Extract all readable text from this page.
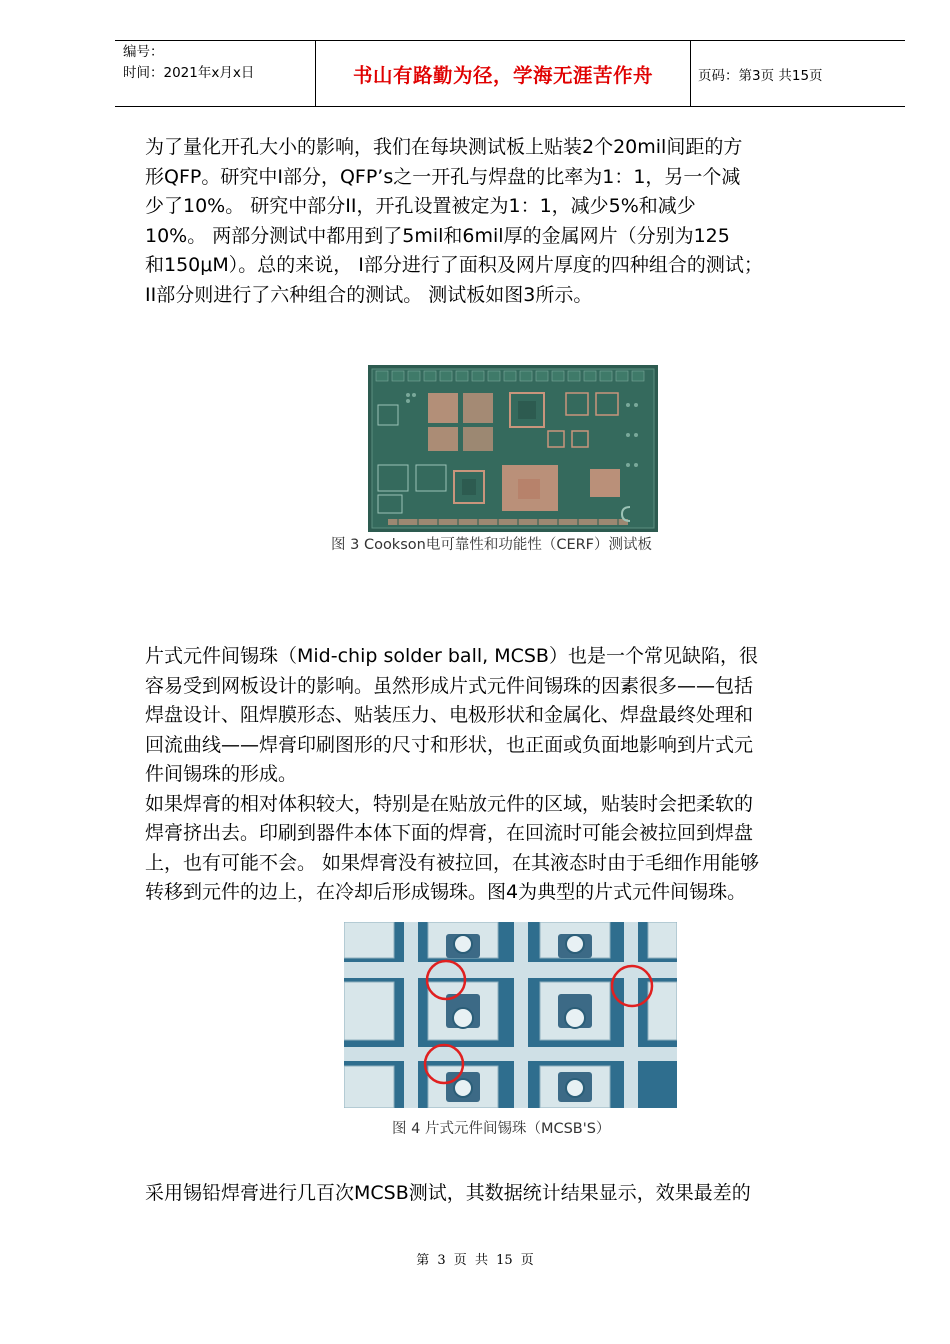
编号：
时间：2021年x月x日	书山有路勤为径，学海无涯苦作舟	页码：第3页 共15页
为了量化开孔大小的影响，我们在每块测试板上贴装2个20mil间距的方
形QFP。研究中I部分，QFP’s之一开孔与焊盘的比率为1：1，另一个减
少了10%。 研究中部分II，开孔设置被定为1：1，减少5%和减少
10%。 两部分测试中都用到了5mil和6mil厚的金属网片（分别为125
和150μM）。总的来说， I部分进行了面积及网片厚度的四种组合的测试；
II部分则进行了六种组合的测试。 测试板如图3所示。
图 3 Cookson电可靠性和功能性（CERF）测试板
片式元件间锡珠（Mid-chip solder ball, MCSB）也是一个常见缺陷，很
容易受到网板设计的影响。虽然形成片式元件间锡珠的因素很多——包括
焊盘设计、阻焊膜形态、贴装压力、电极形状和金属化、焊盘最终处理和
回流曲线——焊膏印刷图形的尺寸和形状，也正面或负面地影响到片式元
件间锡珠的形成。
如果焊膏的相对体积较大，特别是在贴放元件的区域，贴装时会把柔软的
焊膏挤出去。印刷到器件本体下面的焊膏，在回流时可能会被拉回到焊盘
上，也有可能不会。 如果焊膏没有被拉回，在其液态时由于毛细作用能够
转移到元件的边上，在冷却后形成锡珠。图4为典型的片式元件间锡珠。
图 4 片式元件间锡珠（MCSB'S）
采用锡铅焊膏进行几百次MCSB测试，其数据统计结果显示，效果最差的
第 3 页 共 15 页
